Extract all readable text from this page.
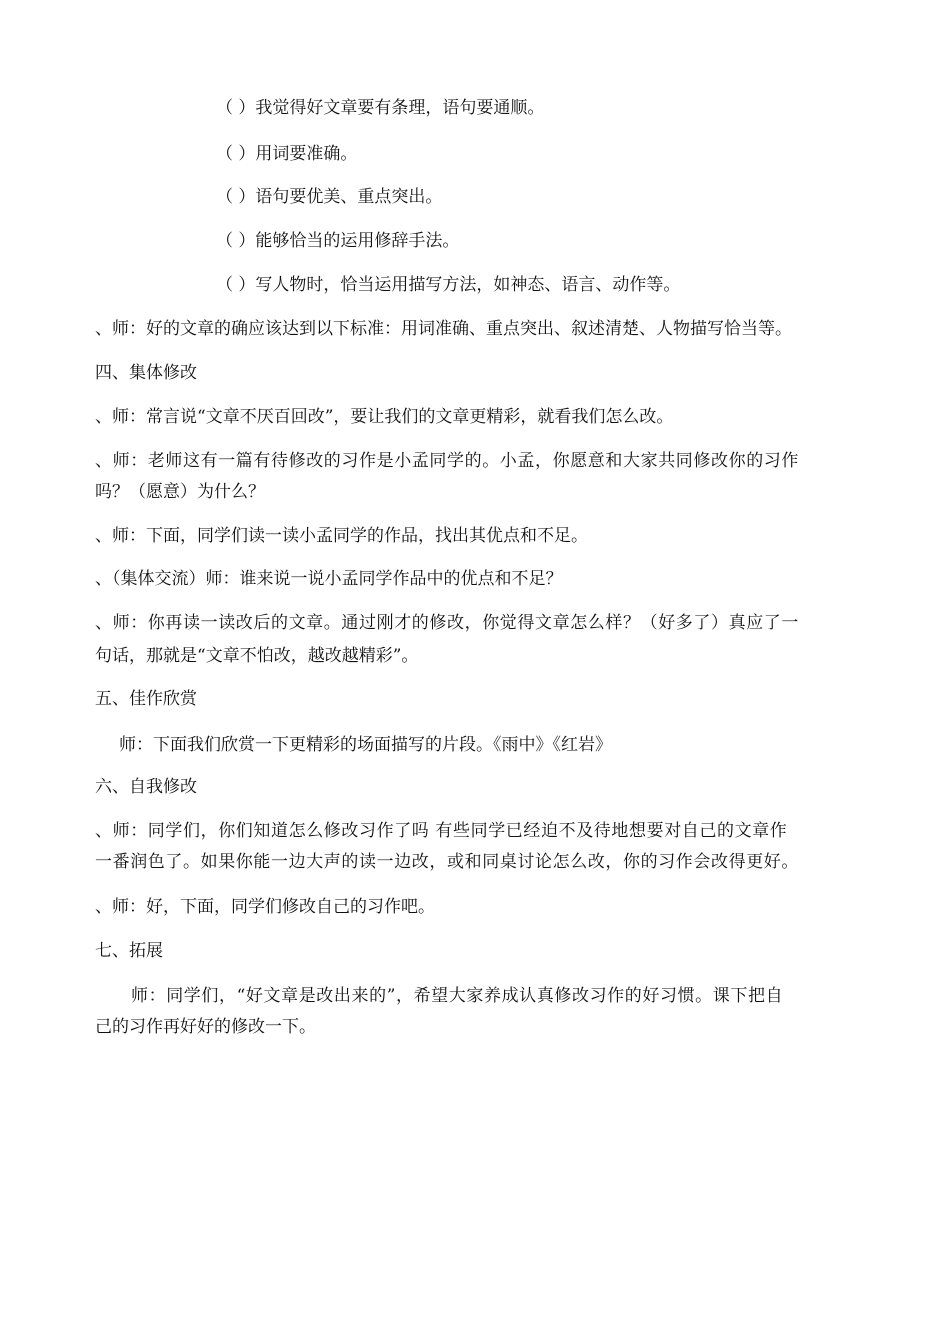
（ ）我觉得好文章要有条理，语句要通顺。
（ ）用词要准确。
（ ）语句要优美、重点突出。
（ ）能够恰当的运用修辞手法。
（ ）写人物时，恰当运用描写方法，如神态、语言、动作等。
、师：好的文章的确应该达到以下标准：用词准确、重点突出、叙述清楚、人物描写恰当等。
四、集体修改
、师：常言说“文章不厌百回改”，要让我们的文章更精彩，就看我们怎么改。
、师：老师这有一篇有待修改的习作是小孟同学的。小孟，你愿意和大家共同修改你的习作
吗？（愿意）为什么？
、师：下面，同学们读一读小孟同学的作品，找出其优点和不足。
、（集体交流）师：谁来说一说小孟同学作品中的优点和不足？
、师：你再读一读改后的文章。通过刚才的修改，你觉得文章怎么样？（好多了）真应了一
句话，那就是“文章不怕改，越改越精彩”。
五、佳作欣赏
师：下面我们欣赏一下更精彩的场面描写的片段。《雨中》《红岩》
六、自我修改
、师：同学们，你们知道怎么修改习作了吗 有些同学已经迫不及待地想要对自己的文章作
一番润色了。如果你能一边大声的读一边改，或和同桌讨论怎么改，你的习作会改得更好。
、师：好，下面，同学们修改自己的习作吧。
七、拓展
师：同学们，“好文章是改出来的”，希望大家养成认真修改习作的好习惯。课下把自
己的习作再好好的修改一下。
